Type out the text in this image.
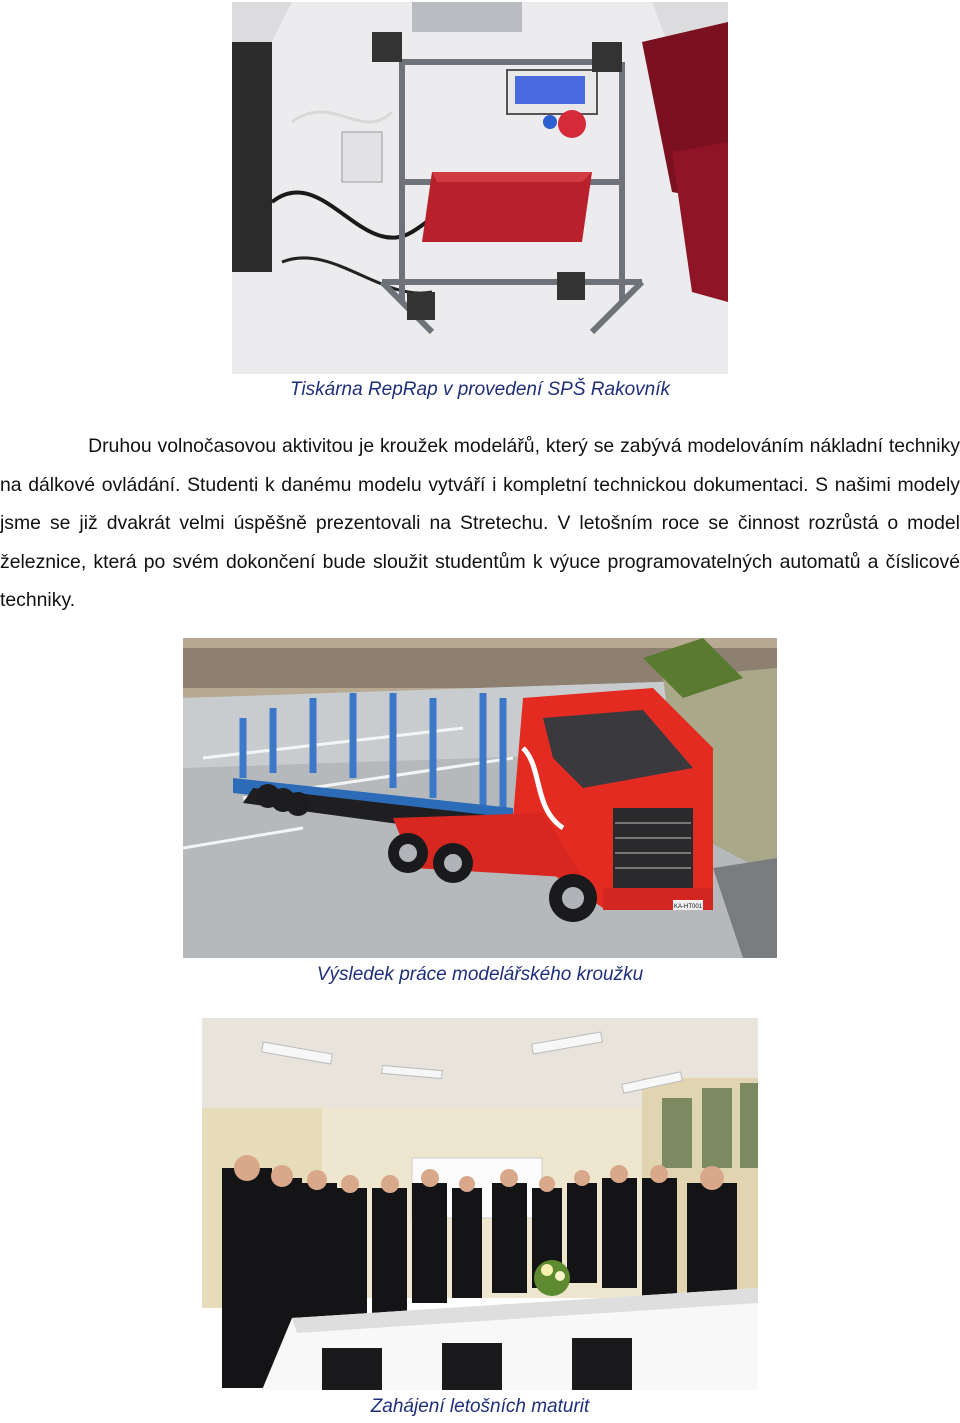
Tiskárna RepRap v provedení SPŠ Rakovník

Druhou volnočasovou aktivitou je kroužek modelářů, který se zabývá modelováním nákladní techniky na dálkové ovládání. Studenti k danému modelu vytváří i kompletní technickou dokumentaci. S našimi modely jsme se již dvakrát velmi úspěšně prezentovali na Stretechu. V letošním roce se činnost rozrůstá o model železnice, která po svém dokončení bude sloužit studentům k výuce programovatelných automatů a číslicové techniky.

KA-HT001
Výsledek práce modelářského kroužku
Zahájení letošních maturit
